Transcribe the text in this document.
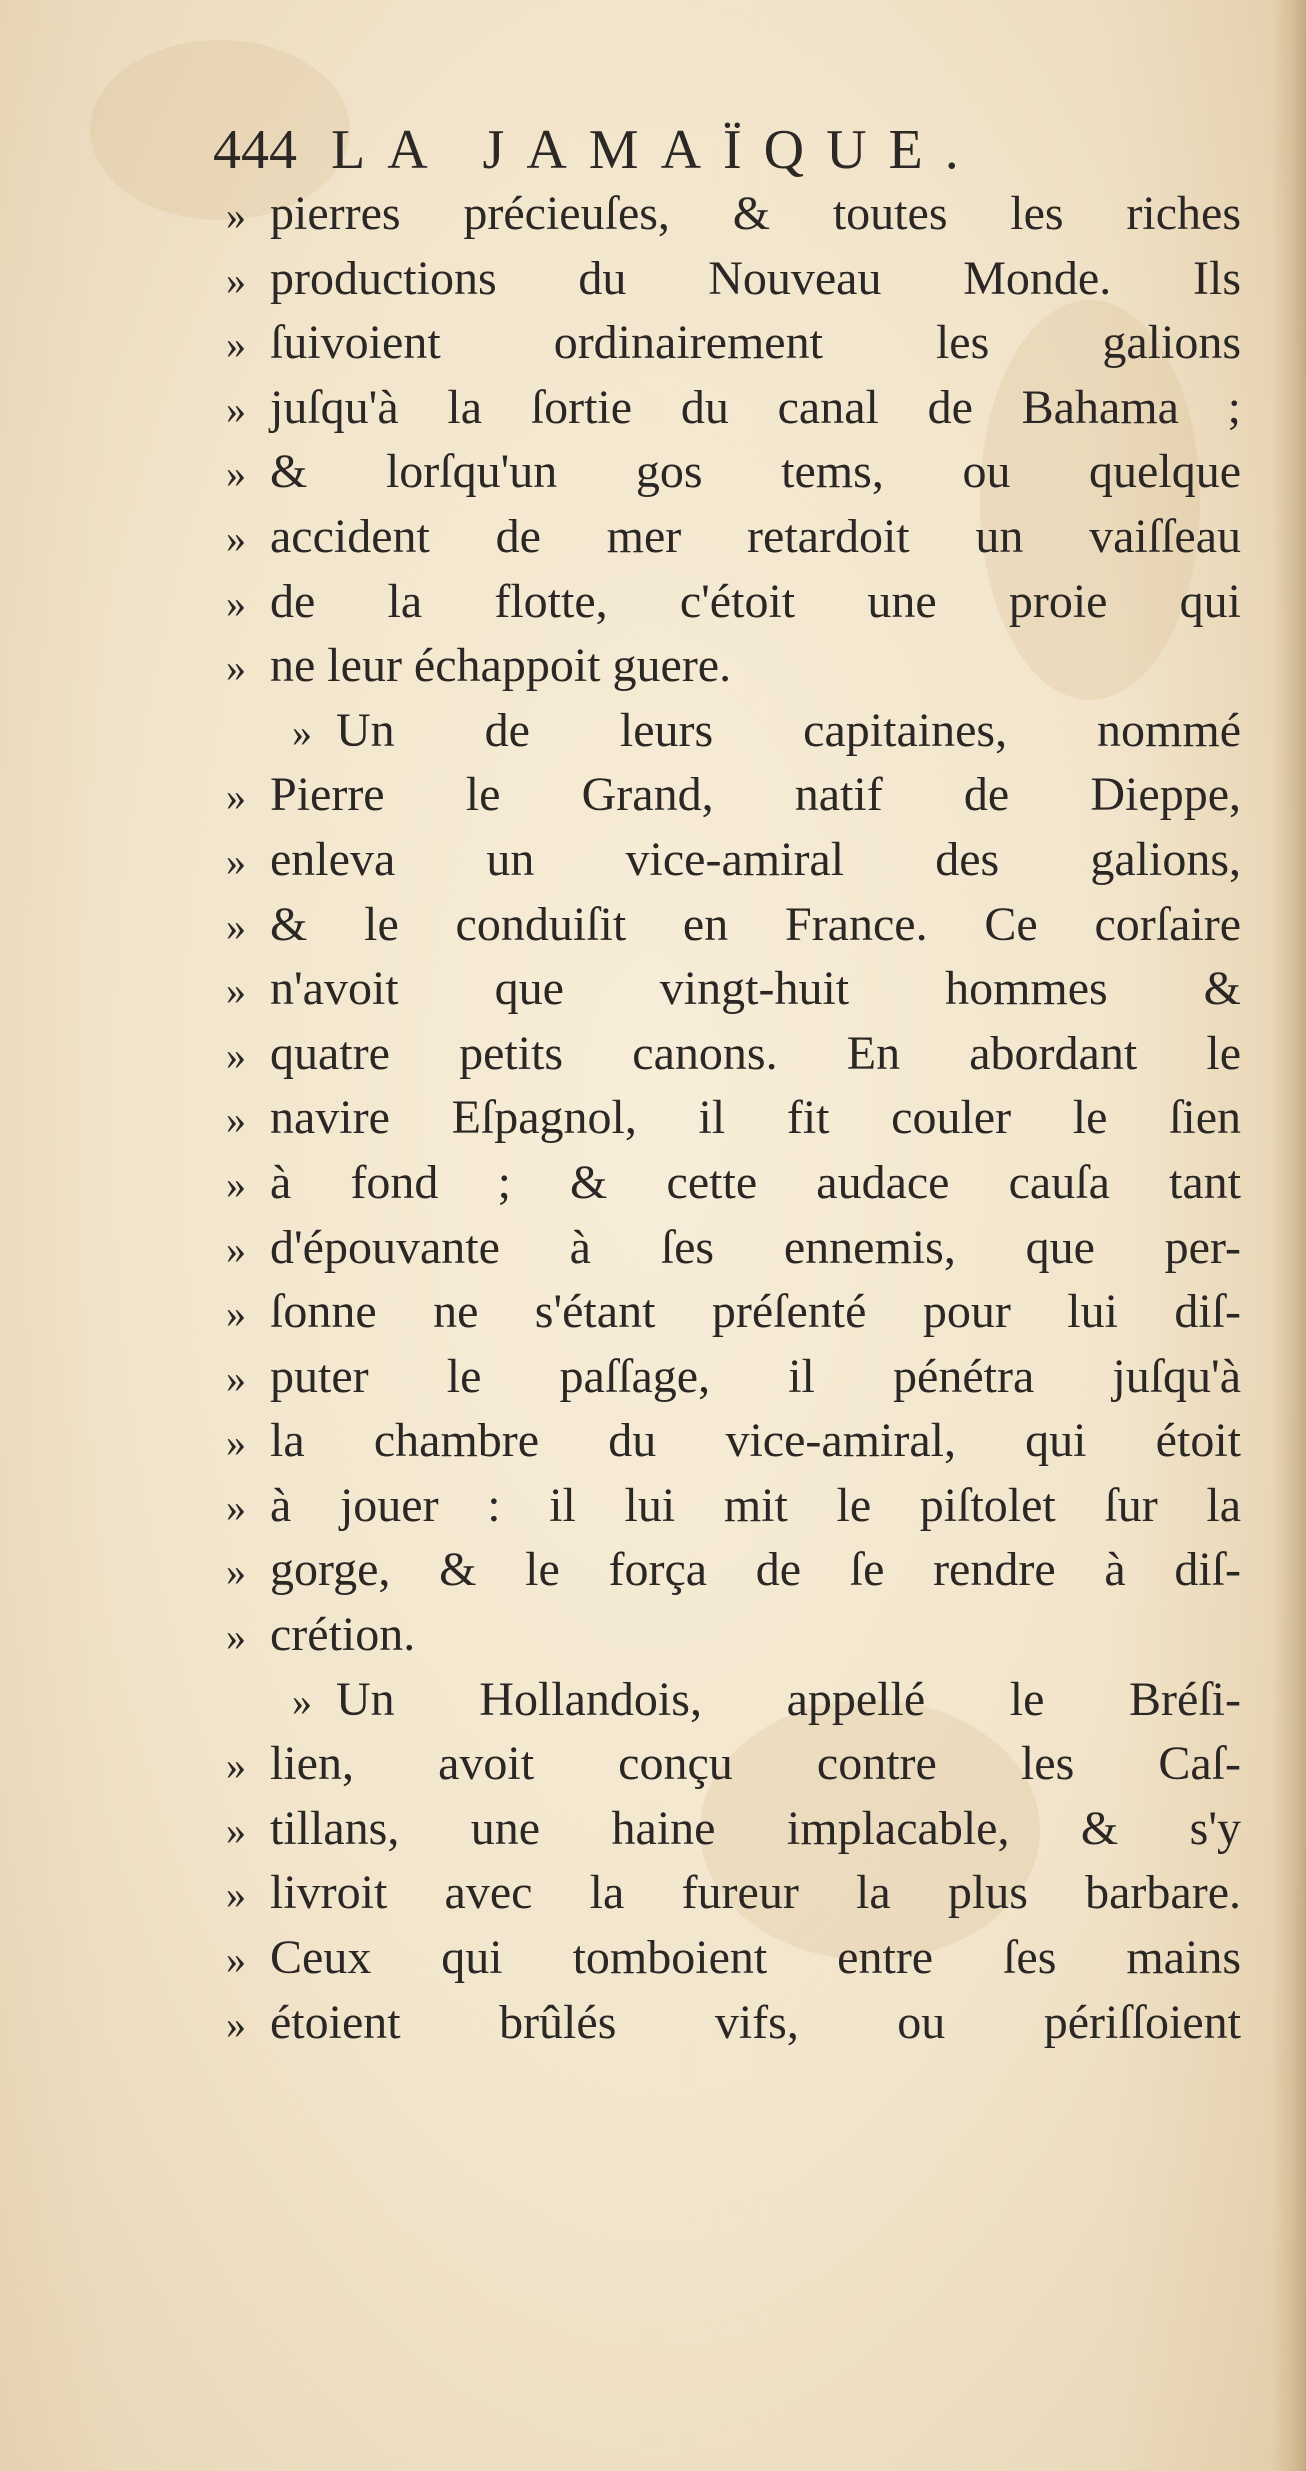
444 LA JAMAÏQUE.
» pierres précieuſes, & toutes les riches
» productions du Nouveau Monde. Ils
» ſuivoient ordinairement les galions
» juſqu'à la ſortie du canal de Bahama ;
» & lorſqu'un gos tems, ou quelque
» accident de mer retardoit un vaiſſeau
» de la flotte, c'étoit une proie qui
» ne leur échappoit guere.
» Un de leurs capitaines, nommé
» Pierre le Grand, natif de Dieppe,
» enleva un vice-amiral des galions,
» & le conduiſit en France. Ce corſaire
» n'avoit que vingt-huit hommes &
» quatre petits canons. En abordant le
» navire Eſpagnol, il fit couler le ſien
» à fond ; & cette audace cauſa tant
» d'épouvante à ſes ennemis, que per-
» ſonne ne s'étant préſenté pour lui diſ-
» puter le paſſage, il pénétra juſqu'à
» la chambre du vice-amiral, qui étoit
» à jouer : il lui mit le piſtolet ſur la
» gorge, & le força de ſe rendre à diſ-
» crétion.
» Un Hollandois, appellé le Bréſi-
» lien, avoit conçu contre les Caſ-
» tillans, une haine implacable, & s'y
» livroit avec la fureur la plus barbare.
» Ceux qui tomboient entre ſes mains
» étoient brûlés vifs, ou périſſoient
